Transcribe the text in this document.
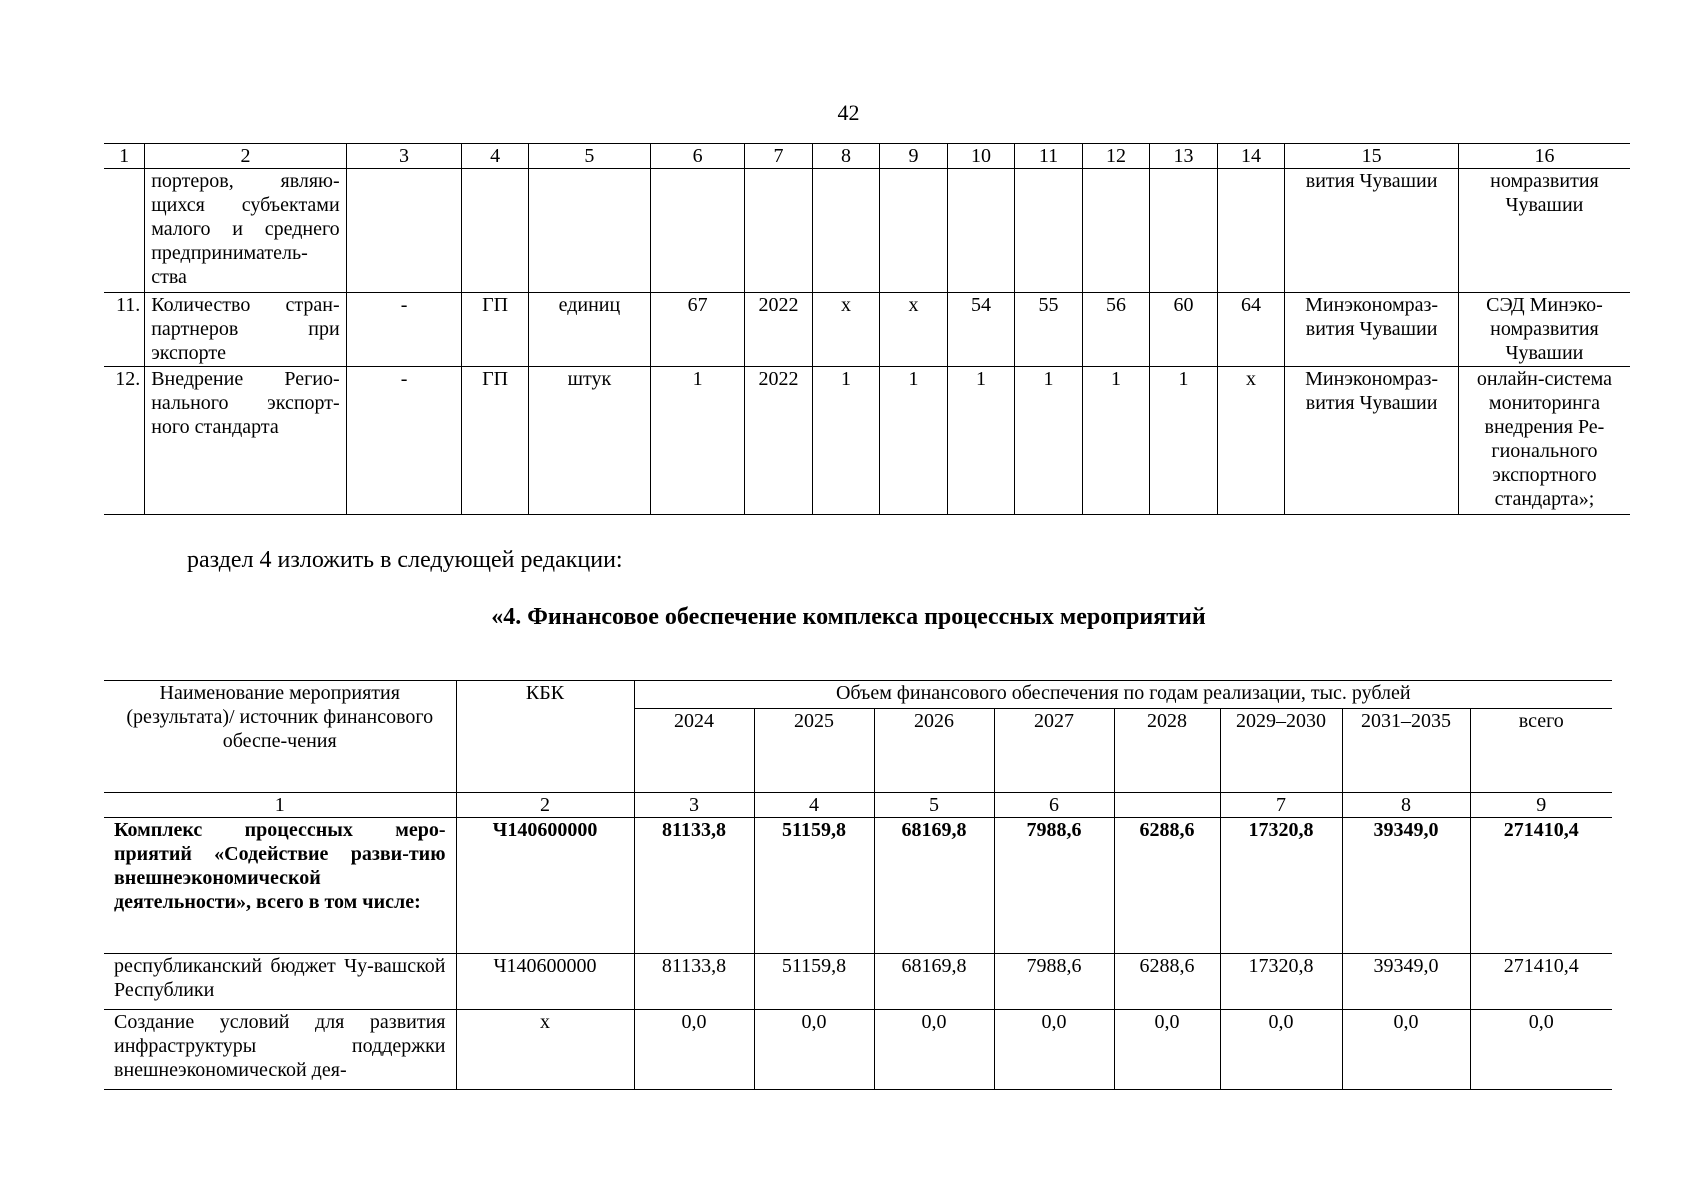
42
1	2	3	4	5	6	7	8	9	10	11	12	13	14	15	16
	портеров, являю-щихся субъектами малого и среднего предприниматель-ства													вития Чувашии	номразвития Чувашии
11.	Количество стран-партнеров при экспорте	-	ГП	единиц	67	2022	х	х	54	55	56	60	64	Минэкономраз-вития Чувашии	СЭД Минэко-номразвития Чувашии
12.	Внедрение Регио-нального экспорт-ного стандарта	-	ГП	штук	1	2022	1	1	1	1	1	1	х	Минэкономраз-вития Чувашии	онлайн-система мониторинга внедрения Ре-гионального экспортного стандарта»;
раздел 4 изложить в следующей редакции:
«4. Финансовое обеспечение комплекса процессных мероприятий
Наименование мероприятия (результата)/ источник финансового обеспе-чения	КБК	Объем финансового обеспечения по годам реализации, тыс. рублей							
		2024	2025	2026	2027	2028	2029–2030	2031–2035	всего
1	2	3	4	5	6		7	8	9
Комплекс процессных меро-приятий «Содействие разви-тию внешнеэкономической деятельности», всего в том числе:	Ч140600000	81133,8	51159,8	68169,8	7988,6	6288,6	17320,8	39349,0	271410,4
республиканский бюджет Чу-вашской Республики	Ч140600000	81133,8	51159,8	68169,8	7988,6	6288,6	17320,8	39349,0	271410,4
Создание условий для развития инфраструктуры поддержки внешнеэкономической дея-	х	0,0	0,0	0,0	0,0	0,0	0,0	0,0	0,0
